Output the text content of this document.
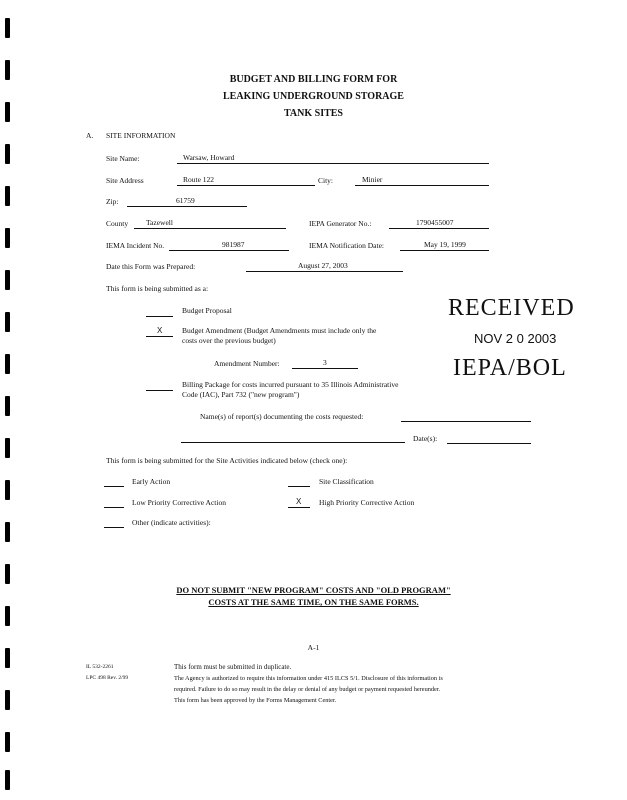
BUDGET AND BILLING FORM FOR
LEAKING UNDERGROUND STORAGE
TANK SITES
A. SITE INFORMATION
Site Name:	Warsaw, Howard
Site Address	Route 122	City:	Minier
Zip:	61759
County Tazewell	IEPA Generator No.:	1790455007
IEMA Incident No.	981987	IEMA Notification Date:	May 19, 1999
Date this Form was Prepared:	August 27, 2003
This form is being submitted as a:
Budget Proposal
X	Budget Amendment (Budget Amendments must include only the
costs over the previous budget)
Amendment Number:	3
Billing Package for costs incurred pursuant to 35 Illinois Administrative
Code (IAC), Part 732 ("new program")
Name(s) of report(s) documenting the costs requested:
Date(s):
RECEIVED
NOV 2 0 2003
IEPA/BOL
This form is being submitted for the Site Activities indicated below (check one):
Early Action	Site Classification
Low Priority Corrective Action	X High Priority Corrective Action
Other (indicate activities):
DO NOT SUBMIT "NEW PROGRAM" COSTS AND "OLD PROGRAM"
COSTS AT THE SAME TIME, ON THE SAME FORMS.
A-1
IL 532-2261
LPC 498 Rev. 2/99
This form must be submitted in duplicate.
The Agency is authorized to require this information under 415 ILCS 5/1. Disclosure of this information is
required. Failure to do so may result in the delay or denial of any budget or payment requested hereunder.
This form has been approved by the Forms Management Center.
